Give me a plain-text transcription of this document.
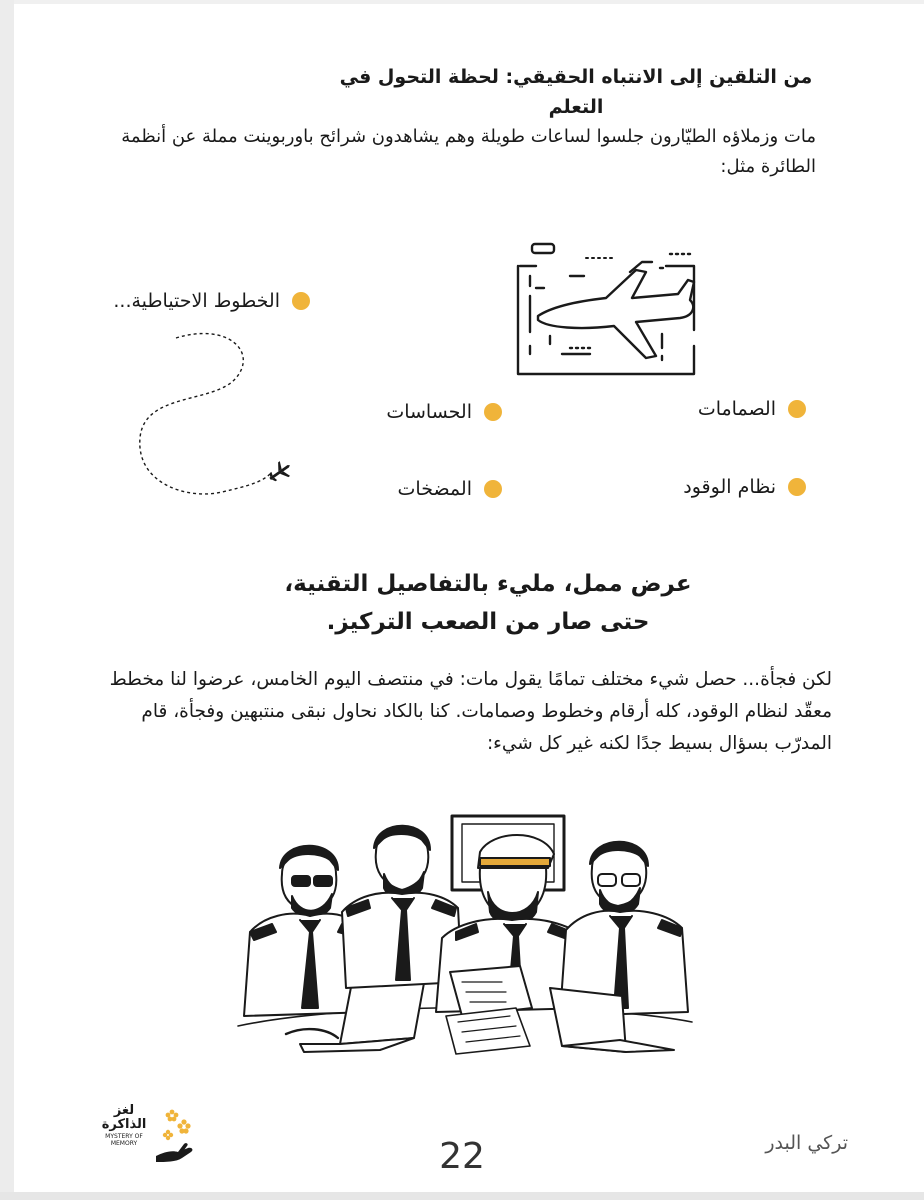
من التلقين إلى الانتباه الحقيقي: لحظة التحول في التعلم
مات وزملاؤه الطيّارون جلسوا لساعات طويلة وهم يشاهدون شرائح باوربوينت مملة عن أنظمة الطائرة مثل:
الخطوط الاحتياطية...
الصمامات
الحساسات
نظام الوقود
المضخات
عرض ممل، مليء بالتفاصيل التقنية، حتى صار من الصعب التركيز.
لكن فجأة... حصل شيء مختلف تمامًا يقول مات: في منتصف اليوم الخامس، عرضوا لنا مخطط معقّد لنظام الوقود، كله أرقام وخطوط وصمامات. كنا بالكاد نحاول نبقى منتبهين وفجأة، قام المدرّب بسؤال بسيط جدًا لكنه غير كل شيء:
لغز
الذاكرة
MYSTERY OF MEMORY	22	تركي البدر
